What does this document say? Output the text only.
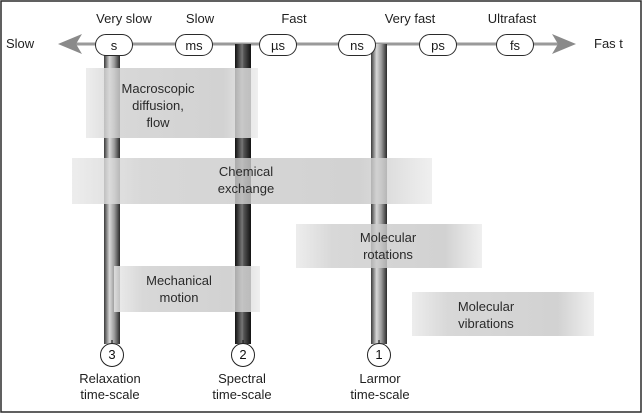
Slow	Fas t
Very slow	Slow	Fast	Very fast	Ultrafast
s	ms	µs	ns	ps	fs
Macroscopic
diffusion,
flow
Chemical
exchange
Molecular
rotations
Mechanical
motion
Molecular
vibrations
3	2	1
Relaxation
time-scale
Spectral
time-scale
Larmor
time-scale
